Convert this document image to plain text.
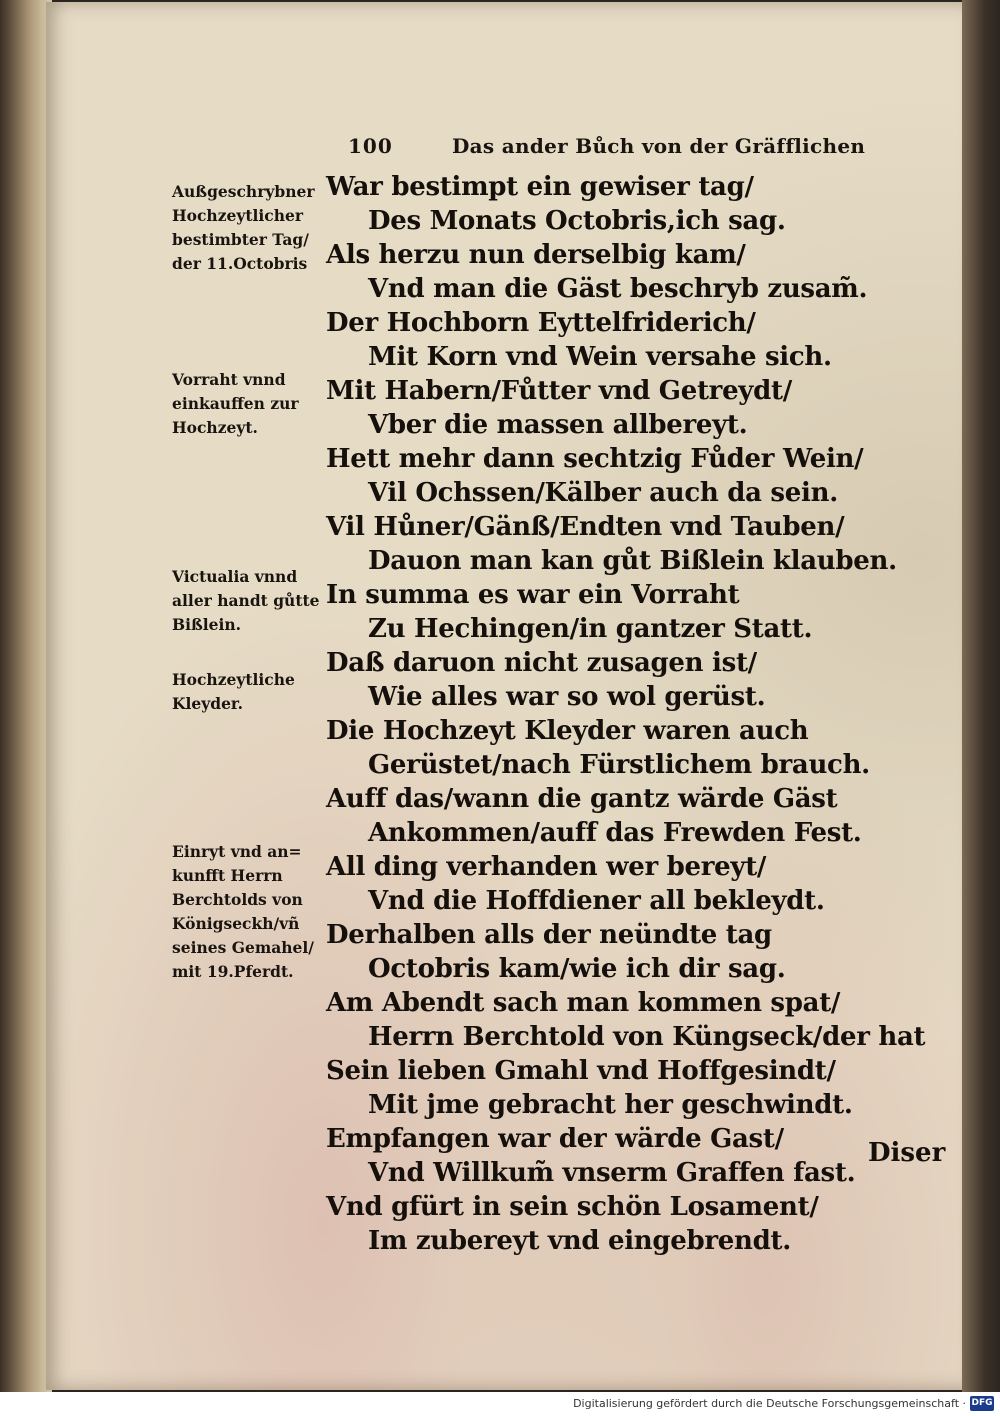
100	Das ander Bůch von der Gräfflichen
Außgeschrybner
Hochzeytlicher
bestimbter Tag/
der 11.Octobris
Vorraht vnnd
einkauffen zur
Hochzeyt.
Victualia vnnd
aller handt gůtte
Bißlein.
Hochzeytliche
Kleyder.
Einryt vnd an=
kunfft Herrn
Berchtolds von
Königseckh/vñ
seines Gemahel/
mit 19.Pferdt.
War bestimpt ein gewiser tag/
Des Monats Octobris,ich sag.
Als herzu nun derselbig kam/
Vnd man die Gäst beschryb zusam̃.
Der Hochborn Eyttelfriderich/
Mit Korn vnd Wein versahe sich.
Mit Habern/Fůtter vnd Getreydt/
Vber die massen allbereyt.
Hett mehr dann sechtzig Fůder Wein/
Vil Ochssen/Kälber auch da sein.
Vil Hůner/Gänß/Endten vnd Tauben/
Dauon man kan gůt Bißlein klauben.
In summa es war ein Vorraht
Zu Hechingen/in gantzer Statt.
Daß daruon nicht zusagen ist/
Wie alles war so wol gerüst.
Die Hochzeyt Kleyder waren auch
Gerüstet/nach Fürstlichem brauch.
Auff das/wann die gantz wärde Gäst
Ankommen/auff das Frewden Fest.
All ding verhanden wer bereyt/
Vnd die Hoffdiener all bekleydt.
Derhalben alls der neündte tag
Octobris kam/wie ich dir sag.
Am Abendt sach man kommen spat/
Herrn Berchtold von Küngseck/der hat
Sein lieben Gmahl vnd Hoffgesindt/
Mit jme gebracht her geschwindt.
Empfangen war der wärde Gast/
Vnd Willkum̃ vnserm Graffen fast.
Vnd gfürt in sein schön Losament/
Im zubereyt vnd eingebrendt.
Diser
Digitalisierung gefördert durch die Deutsche Forschungsgemeinschaft · DFG
